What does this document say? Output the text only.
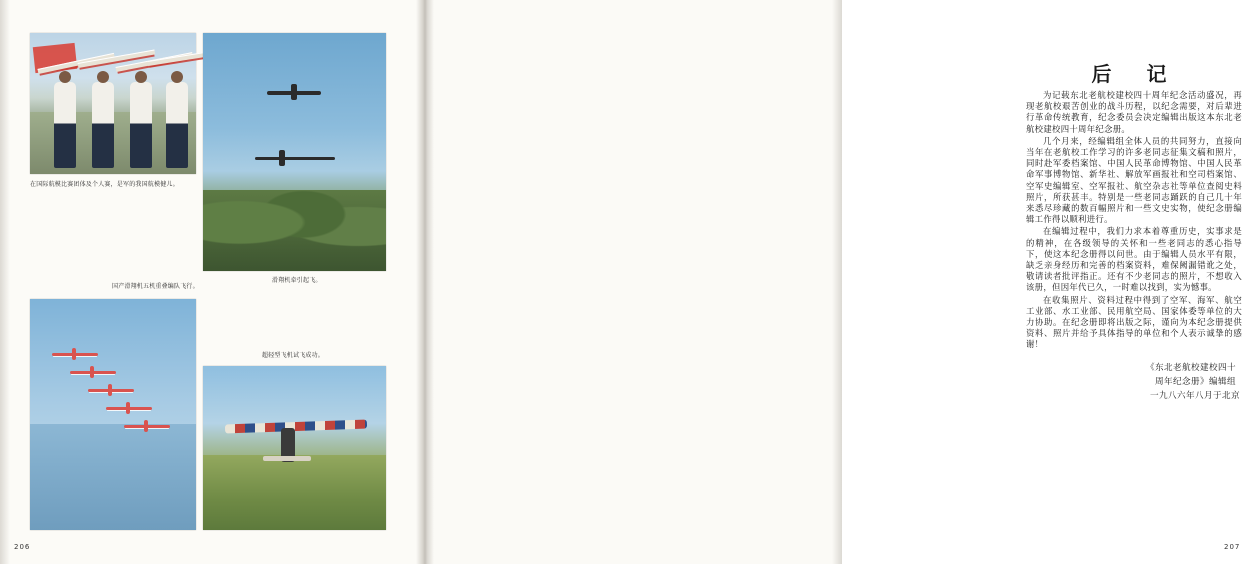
在国际航模比赛团体及个人赛，是军的我国航模健儿。
滑翔机牵引起飞。
国产滑翔机五机重叠编队飞行。
超轻型飞机试飞成功。
206
后 记

为记载东北老航校建校四十周年纪念活动盛况，再现老航校艰苦创业的战斗历程，以纪念需要，对后辈进行革命传统教育，纪念委员会决定编辑出版这本东北老航校建校四十周年纪念册。

几个月来，经编辑组全体人员的共同努力，直接向当年在老航校工作学习的许多老同志征集文稿和照片，同时赴军委档案馆、中国人民革命博物馆、中国人民革命军事博物馆、新华社、解放军画报社和空司档案馆、空军史编辑室、空军报社、航空杂志社等单位查阅史料照片，所获甚丰。特别是一些老同志踊跃的自己几十年来悉尽珍藏的数百幅照片和一些文史实物，使纪念册编辑工作得以顺利进行。

在编辑过程中，我们力求本着尊重历史，实事求是的精神，在各级领导的关怀和一些老同志的悉心指导下，使这本纪念册得以问世。由于编辑人员水平有限，缺乏亲身经历和完善的档案资料，难保阙漏错讹之处，敬请读者批评指正。还有不少老同志的照片，不想收入该册，但因年代已久，一时难以找到，实为憾事。

在收集照片、资料过程中得到了空军、海军、航空工业部、水工业部、民用航空局、国家体委等单位的大力协助。在纪念册即将出版之际，谨向为本纪念册提供资料、照片并给予具体指导的单位和个人表示诚挚的感谢！

《东北老航校建校四十
周年纪念册》编辑组
一九八六年八月于北京
207
